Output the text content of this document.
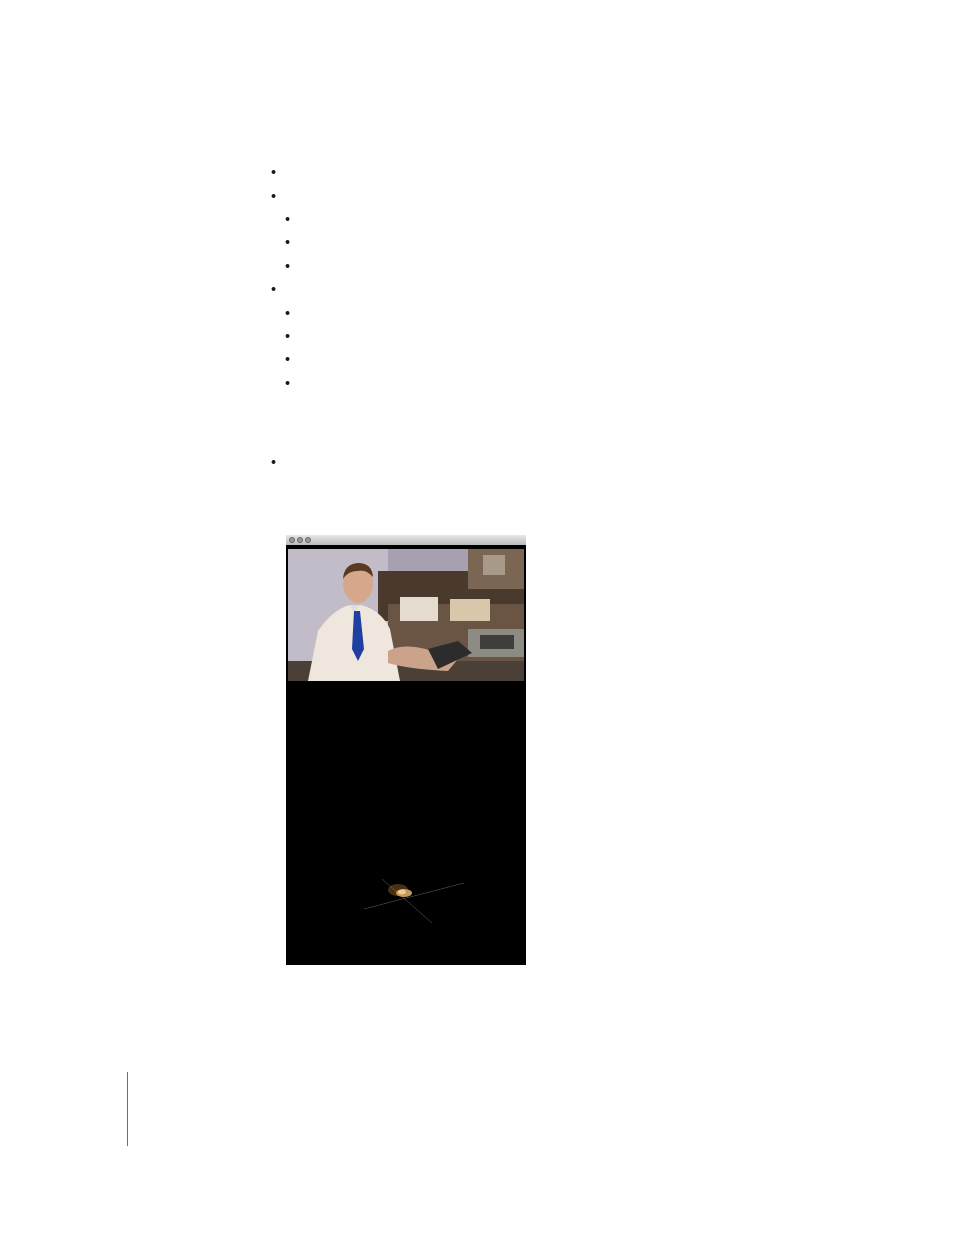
•
•
•
•
•
•
•
•
•
•
•
